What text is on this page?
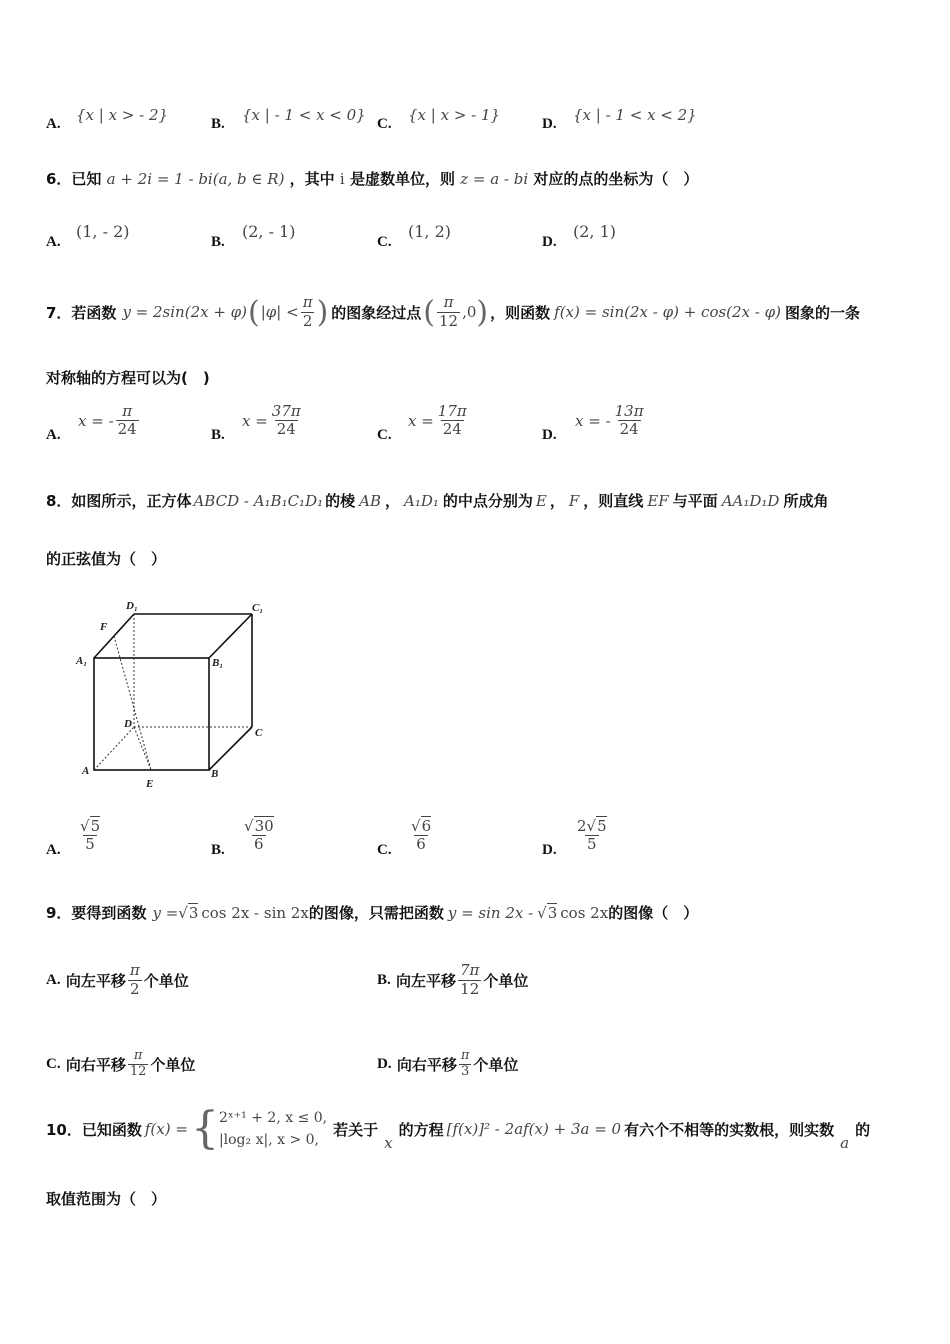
A. {x | x > - 2}	B. {x | - 1 < x < 0} C. {x | x > - 1}	D. {x | - 1 < x < 2}
6．已知 a + 2i = 1 - bi(a, b ∈ R) ，其中 i 是虚数单位，则 z = a - bi 对应的点的坐标为（　）
A.
(1, - 2)
B.
(2, - 1)
C.
(1, 2)
D.
(2, 1)
7．若函数 y = 2sin(2x + φ) ( $|\varphi| < \frac{\pi}{2}$ ) 的图象经过点 ( $\frac{\pi}{12} ,0$ ) ，则函数 f(x) = sin(2x - φ) + cos(2x - φ) 图象的一条
对称轴的方程可以为(　)
A.
x = - $\frac{\pi}{24}$	B.
$x = \frac{37\pi}{24}$	C.
$x = \frac{17\pi}{24}$	D.
x = - $\frac{13\pi}{24}$
8．如图所示，正方体 ABCD - A₁B₁C₁D₁ 的棱 AB ， A₁D₁ 的中点分别为 E ， F ，则直线 EF 与平面 AA₁D₁D 所成角
的正弦值为（　）
D₁	C₁
F
A₁	B₁
D
C
A	B
E
A. $\frac{√5}{5}$	B. $\frac{√30}{6}$	C. $\frac{√6}{6}$	D. $\frac{2√5}{5}$
9．要得到函数 y = √3 cos 2x - sin 2x 的图像，只需把函数 y = sin 2x - √3 cos 2x 的图像（　）
A.
向左平移 $\frac{\pi}{2}$ 个单位	B.
向左平移 $\frac{7\pi}{12}$ 个单位
C.
向右平移 $\frac{\pi}{12}$ 个单位	D.
向右平移 $\frac{\pi}{3}$ 个单位
10．已知函数 f(x) = { 2ˣ⁺¹ + 2, x ≤ 0,
|log₂ x|, x > 0,
若关于
x
的方程 [f(x)]² - 2af(x) + 3a = 0 有六个不相等的实数根，则实数
a
的
取值范围为（　）
